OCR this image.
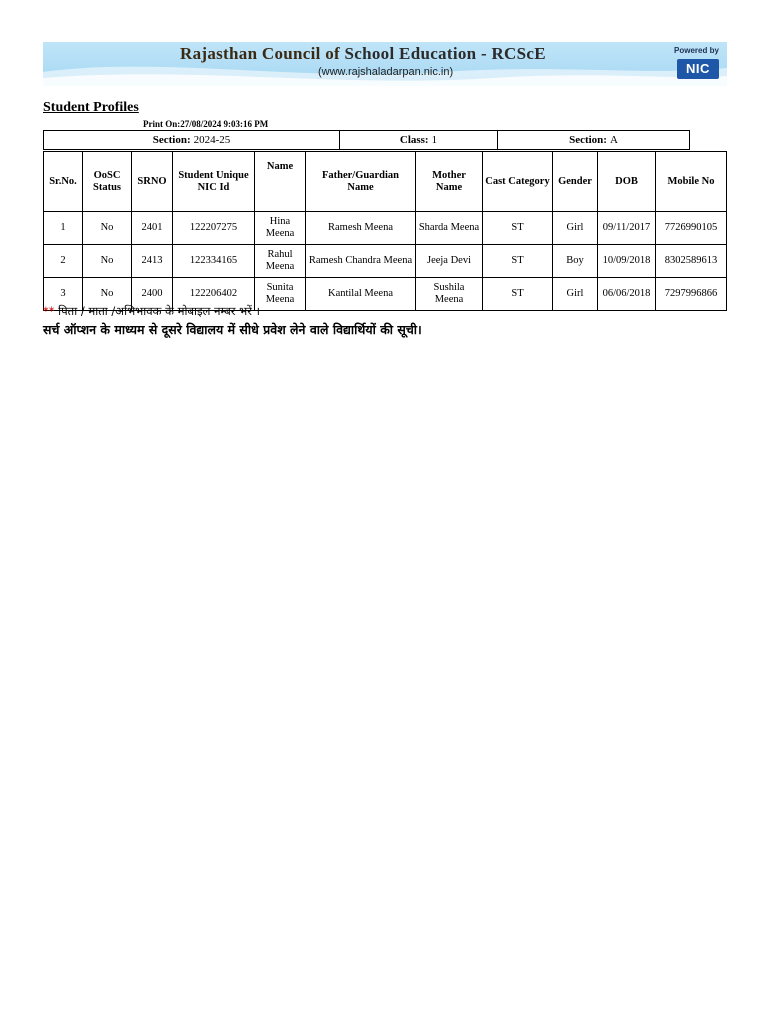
Rajasthan Council of School Education - RCScE
(www.rajshaladarpan.nic.in)
Powered by
NIC
Student Profiles
Print On:27/08/2024 9:03:16 PM
Section: 2024-25	Class: 1	Section: A
Sr.No.	OoSC Status	SRNO	Student Unique NIC Id	Name	Father/Guardian Name	Mother Name	Cast Category	Gender	DOB	Mobile No
1	No	2401	122207275	Hina Meena	Ramesh Meena	Sharda Meena	ST	Girl	09/11/2017	7726990105
2	No	2413	122334165	Rahul Meena	Ramesh Chandra Meena	Jeeja Devi	ST	Boy	10/09/2018	8302589613
3	No	2400	122206402	Sunita Meena	Kantilal Meena	Sushila Meena	ST	Girl	06/06/2018	7297996866
** पिता / माता /अभिभावक के मोबाइल नम्बर भरें ।
सर्च ऑप्शन के माध्यम से दूसरे विद्यालय में सीधे प्रवेश लेने वाले विद्यार्थियों की सूची।
